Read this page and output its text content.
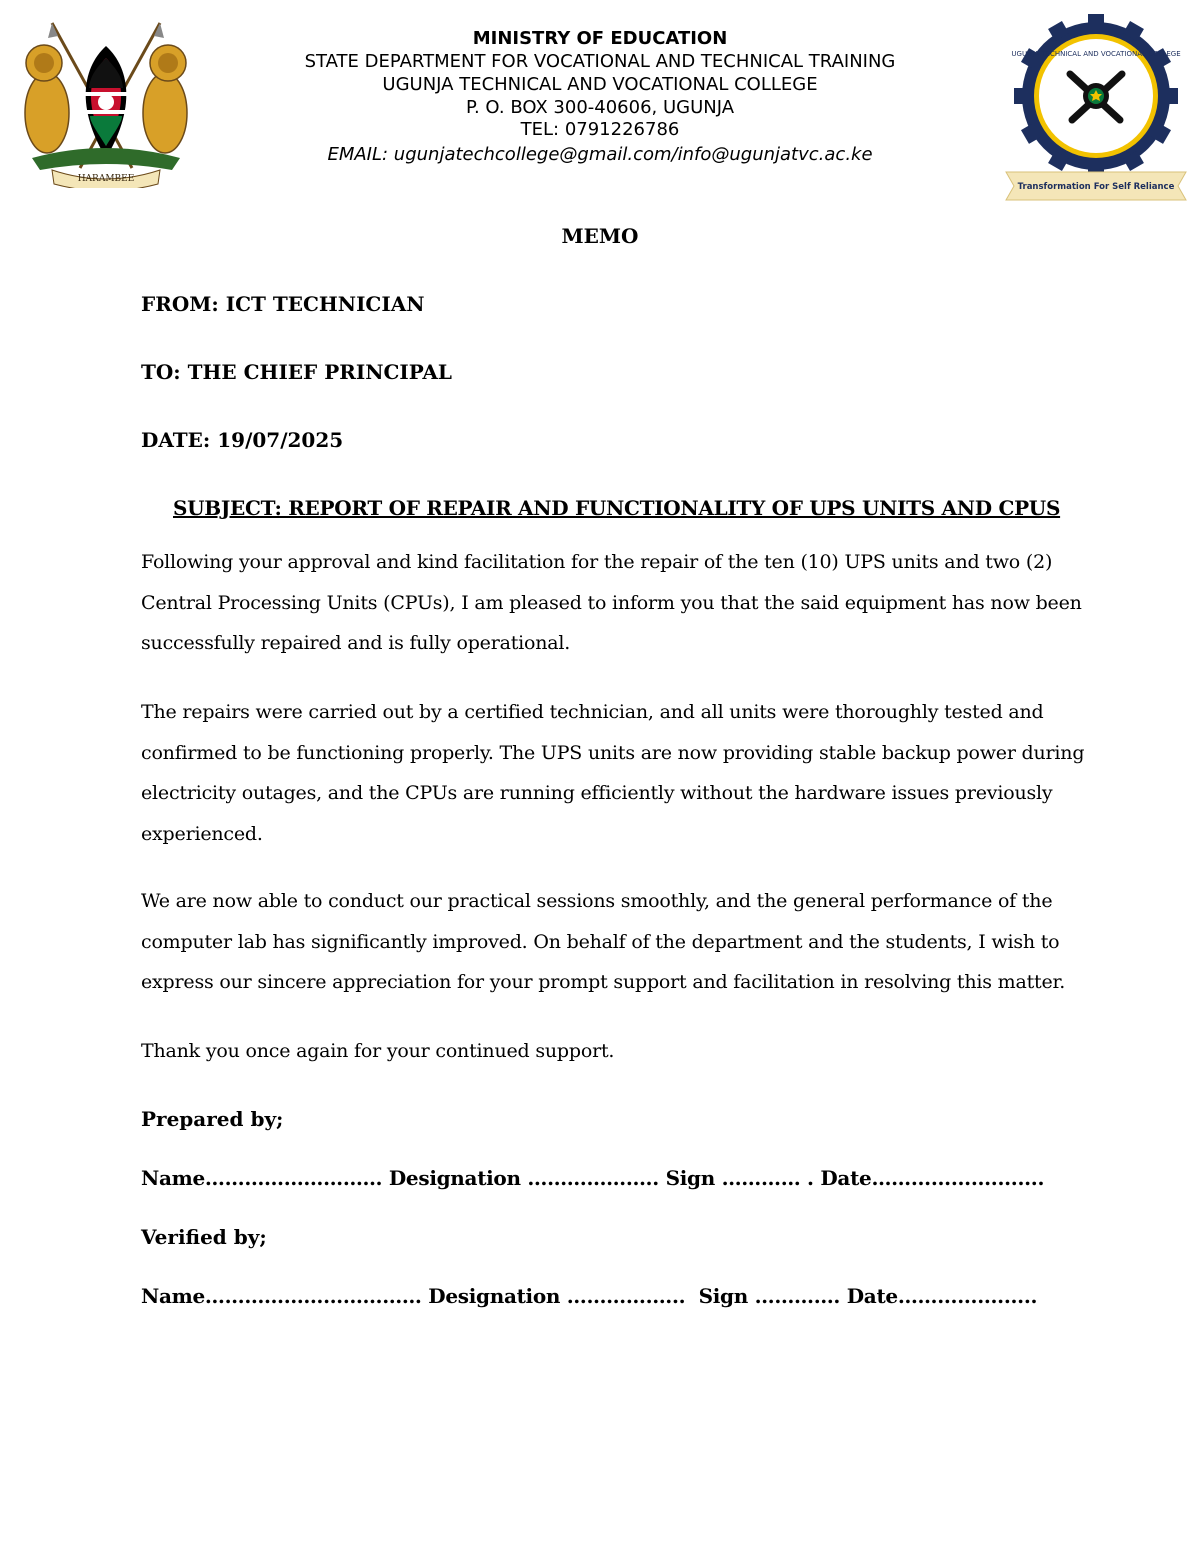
HARAMBEE
UGUNJA TECHNICAL AND VOCATIONAL COLLEGE
Transformation For Self Reliance
MINISTRY OF EDUCATION
STATE DEPARTMENT FOR VOCATIONAL AND TECHNICAL TRAINING
UGUNJA TECHNICAL AND VOCATIONAL COLLEGE
P. O. BOX 300-40606, UGUNJA
TEL: 0791226786
EMAIL: ugunjatechcollege@gmail.com/info@ugunjatvc.ac.ke
MEMO
FROM: ICT TECHNICIAN
TO: THE CHIEF PRINCIPAL
DATE: 19/07/2025
SUBJECT: REPORT OF REPAIR AND FUNCTIONALITY OF UPS UNITS AND CPUS
Following your approval and kind facilitation for the repair of the ten (10) UPS units and two (2) Central Processing Units (CPUs), I am pleased to inform you that the said equipment has now been successfully repaired and is fully operational.
The repairs were carried out by a certified technician, and all units were thoroughly tested and confirmed to be functioning properly. The UPS units are now providing stable backup power during electricity outages, and the CPUs are running efficiently without the hardware issues previously experienced.
We are now able to conduct our practical sessions smoothly, and the general performance of the computer lab has significantly improved. On behalf of the department and the students, I wish to express our sincere appreciation for your prompt support and facilitation in resolving this matter.
Thank you once again for your continued support.
Prepared by;
Name……………………… Designation …………….…. Sign ………… . Date……....................
Verified by;
Name…………………………… Designation ………….…..  Sign …………. Date……...............
